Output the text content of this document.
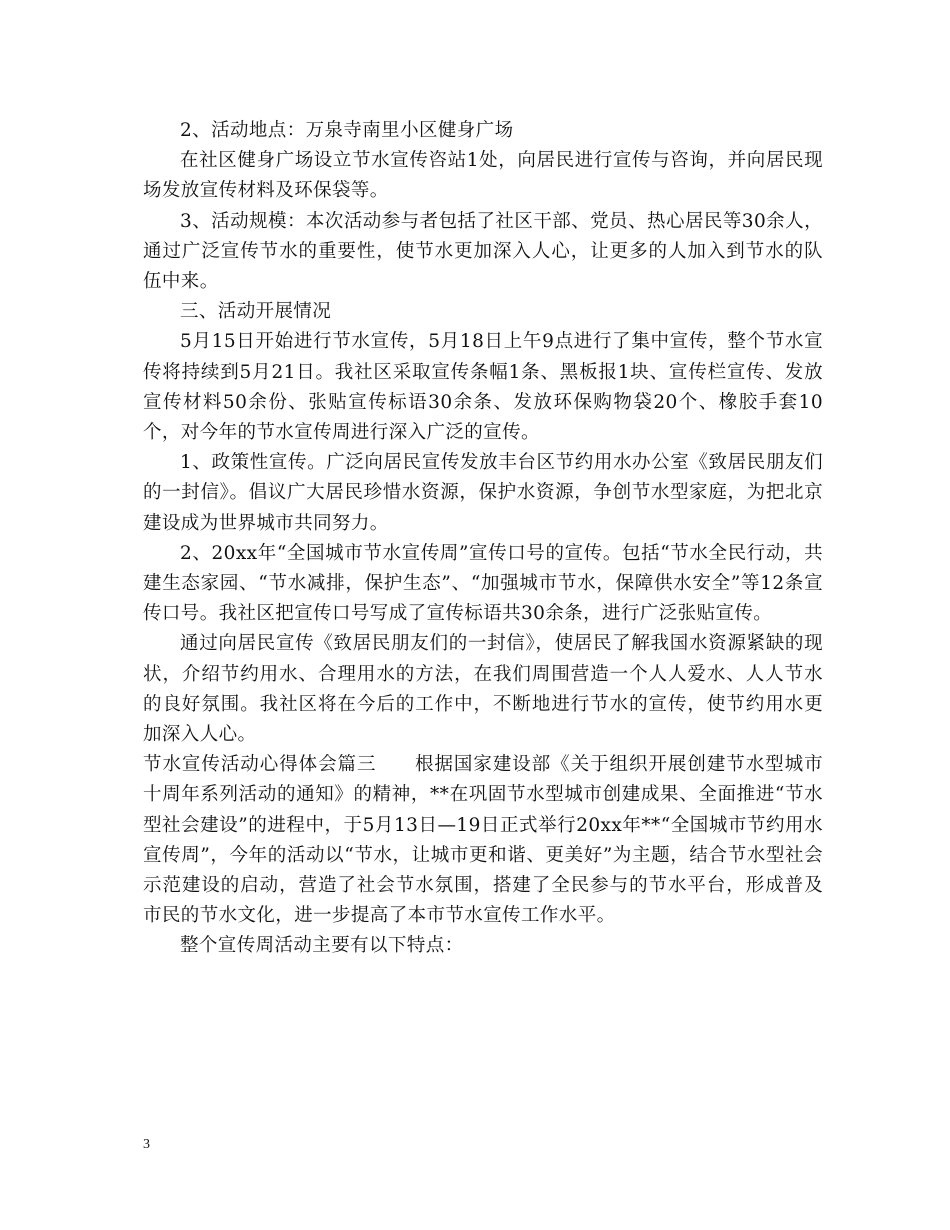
2、活动地点：万泉寺南里小区健身广场

在社区健身广场设立节水宣传咨站1处，向居民进行宣传与咨询，并向居民现场发放宣传材料及环保袋等。

3、活动规模：本次活动参与者包括了社区干部、党员、热心居民等30余人，通过广泛宣传节水的重要性，使节水更加深入人心，让更多的人加入到节水的队伍中来。

三、活动开展情况

5月15日开始进行节水宣传，5月18日上午9点进行了集中宣传，整个节水宣传将持续到5月21日。我社区采取宣传条幅1条、黑板报1块、宣传栏宣传、发放宣传材料50余份、张贴宣传标语30余条、发放环保购物袋20个、橡胶手套10个，对今年的节水宣传周进行深入广泛的宣传。

1、政策性宣传。广泛向居民宣传发放丰台区节约用水办公室《致居民朋友们的一封信》。倡议广大居民珍惜水资源，保护水资源，争创节水型家庭，为把北京建设成为世界城市共同努力。

2、20xx年“全国城市节水宣传周”宣传口号的宣传。包括“节水全民行动，共建生态家园、“节水减排，保护生态”、“加强城市节水，保障供水安全”等12条宣传口号。我社区把宣传口号写成了宣传标语共30余条，进行广泛张贴宣传。

通过向居民宣传《致居民朋友们的一封信》，使居民了解我国水资源紧缺的现状，介绍节约用水、合理用水的方法，在我们周围营造一个人人爱水、人人节水的良好氛围。我社区将在今后的工作中，不断地进行节水的宣传，使节约用水更加深入人心。

节水宣传活动心得体会篇三 根据国家建设部《关于组织开展创建节水型城市十周年系列活动的通知》的精神，**在巩固节水型城市创建成果、全面推进“节水型社会建设”的进程中，于5月13日—19日正式举行20xx年**“全国城市节约用水宣传周”，今年的活动以“节水，让城市更和谐、更美好”为主题，结合节水型社会示范建设的启动，营造了社会节水氛围，搭建了全民参与的节水平台，形成普及市民的节水文化，进一步提高了本市节水宣传工作水平。

整个宣传周活动主要有以下特点：

3
